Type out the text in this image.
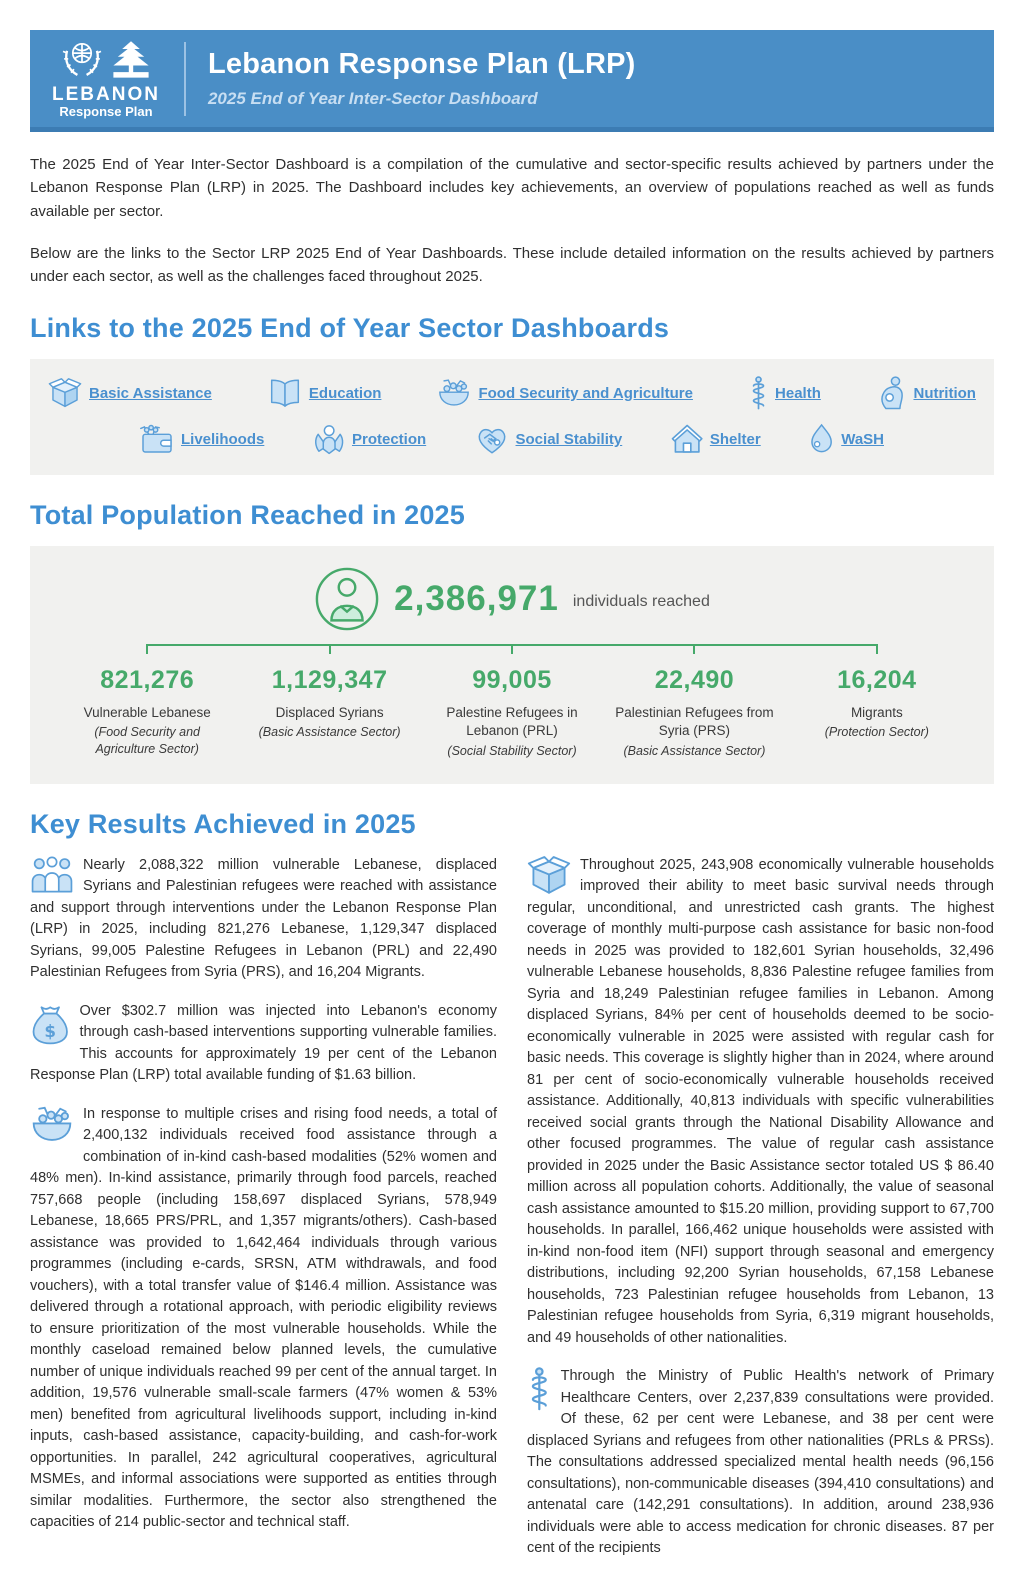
LEBANON
Response Plan
Lebanon Response Plan (LRP)
2025 End of Year Inter-Sector Dashboard

The 2025 End of Year Inter-Sector Dashboard is a compilation of the cumulative and sector-specific results achieved by partners under the Lebanon Response Plan (LRP) in 2025. The Dashboard includes key achievements, an overview of populations reached as well as funds available per sector.

Below are the links to the Sector LRP 2025 End of Year Dashboards. These include detailed information on the results achieved by partners under each sector, as well as the challenges faced throughout 2025.

Links to the 2025 End of Year Sector Dashboards
Basic Assistance	Education	Food Security and Agriculture	Health	Nutrition
Livelihoods	Protection	Social Stability	Shelter	WaSH
Total Population Reached in 2025
2,386,971 individuals reached
821,276
Vulnerable Lebanese
(Food Security and Agriculture Sector)
1,129,347
Displaced Syrians
(Basic Assistance Sector)
99,005
Palestine Refugees in Lebanon (PRL)
(Social Stability Sector)
22,490
Palestinian Refugees from Syria (PRS)
(Basic Assistance Sector)
16,204
Migrants
(Protection Sector)
Key Results Achieved in 2025

Nearly 2,088,322 million vulnerable Lebanese, displaced Syrians and Palestinian refugees were reached with assistance and support through interventions under the Lebanon Response Plan (LRP) in 2025, including 821,276 Lebanese, 1,129,347 displaced Syrians, 99,005 Palestine Refugees in Lebanon (PRL) and 22,490 Palestinian Refugees from Syria (PRS), and 16,204 Migrants.

$
Over $302.7 million was injected into Lebanon's economy through cash-based interventions supporting vulnerable families. This accounts for approximately 19 per cent of the Lebanon Response Plan (LRP) total available funding of $1.63 billion.

In response to multiple crises and rising food needs, a total of 2,400,132 individuals received food assistance through a combination of in-kind cash-based modalities (52% women and 48% men). In-kind assistance, primarily through food parcels, reached 757,668 people (including 158,697 displaced Syrians, 578,949 Lebanese, 18,665 PRS/PRL, and 1,357 migrants/others). Cash-based assistance was provided to 1,642,464 individuals through various programmes (including e-cards, SRSN, ATM withdrawals, and food vouchers), with a total transfer value of $146.4 million. Assistance was delivered through a rotational approach, with periodic eligibility reviews to ensure prioritization of the most vulnerable households. While the monthly caseload remained below planned levels, the cumulative number of unique individuals reached 99 per cent of the annual target. In addition, 19,576 vulnerable small-scale farmers (47% women & 53% men) benefited from agricultural livelihoods support, including in-kind inputs, cash-based assistance, capacity-building, and cash-for-work opportunities. In parallel, 242 agricultural cooperatives, agricultural MSMEs, and informal associations were supported as entities through similar modalities. Furthermore, the sector also strengthened the capacities of 214 public-sector and technical staff.

Throughout 2025, 243,908 economically vulnerable households improved their ability to meet basic survival needs through regular, unconditional, and unrestricted cash grants. The highest coverage of monthly multi-purpose cash assistance for basic non-food needs in 2025 was provided to 182,601 Syrian households, 32,496 vulnerable Lebanese households, 8,836 Palestine refugee families from Syria and 18,249 Palestinian refugee families in Lebanon. Among displaced Syrians, 84% per cent of households deemed to be socio-economically vulnerable in 2025 were assisted with regular cash for basic needs. This coverage is slightly higher than in 2024, where around 81 per cent of socio-economically vulnerable households received assistance. Additionally, 40,813 individuals with specific vulnerabilities received social grants through the National Disability Allowance and other focused programmes. The value of regular cash assistance provided in 2025 under the Basic Assistance sector totaled US $ 86.40 million across all population cohorts. Additionally, the value of seasonal cash assistance amounted to $15.20 million, providing support to 67,700 households. In parallel, 166,462 unique households were assisted with in-kind non-food item (NFI) support through seasonal and emergency distributions, including 92,200 Syrian households, 67,158 Lebanese households, 723 Palestinian refugee households from Lebanon, 13 Palestinian refugee households from Syria, 6,319 migrant households, and 49 households of other nationalities.

Through the Ministry of Public Health's network of Primary Healthcare Centers, over 2,237,839 consultations were provided. Of these, 62 per cent were Lebanese, and 38 per cent were displaced Syrians and refugees from other nationalities (PRLs & PRSs). The consultations addressed specialized mental health needs (96,156 consultations), non-communicable diseases (394,410 consultations) and antenatal care (142,291 consultations). In addition, around 238,936 individuals were able to access medication for chronic diseases. 87 per cent of the recipients
